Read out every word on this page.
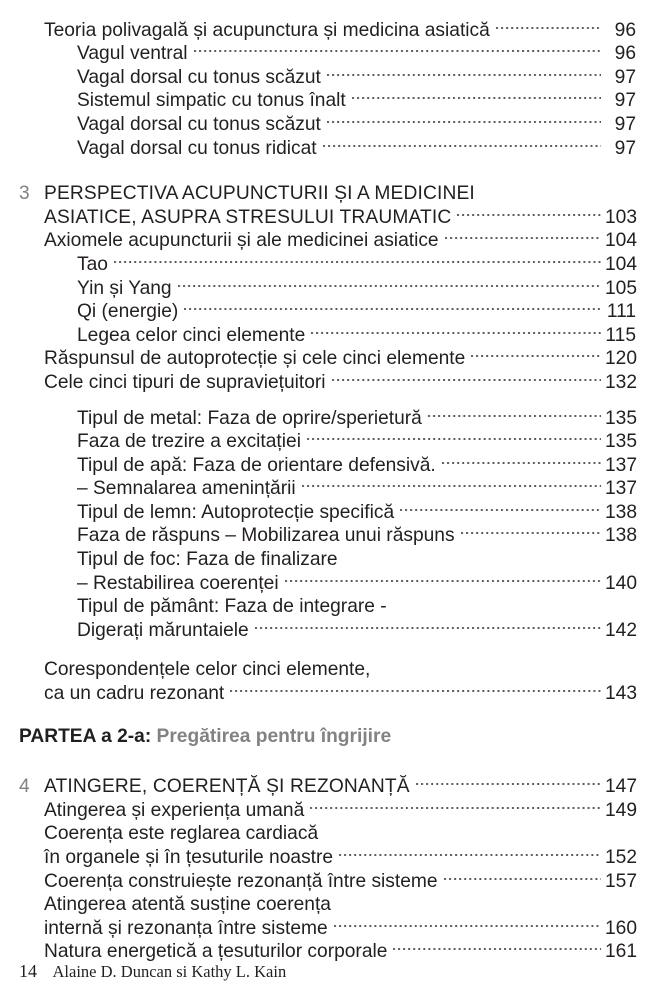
Teoria polivagală și acupunctura și medicina asiatică	96
Vagul ventral	96
Vagal dorsal cu tonus scăzut	97
Sistemul simpatic cu tonus înalt	97
Vagal dorsal cu tonus scăzut	97
Vagal dorsal cu tonus ridicat	97
3 PERSPECTIVA ACUPUNCTURII ȘI A MEDICINEI
ASIATICE, ASUPRA STRESULUI TRAUMATIC	103
Axiomele acupuncturii și ale medicinei asiatice	104
Tao	104
Yin și Yang	105
Qi (energie)	111
Legea celor cinci elemente	115
Răspunsul de autoprotecție și cele cinci elemente	120
Cele cinci tipuri de supraviețuitori	132
Tipul de metal: Faza de oprire/sperietură	135
Faza de trezire a excitației	135
Tipul de apă: Faza de orientare defensivă.	137
– Semnalarea amenințării	137
Tipul de lemn: Autoprotecție specifică	138
Faza de răspuns – Mobilizarea unui răspuns	138
Tipul de foc: Faza de finalizare
– Restabilirea coerenței	140
Tipul de pământ: Faza de integrare -
Digerați măruntaiele	142
Corespondențele celor cinci elemente,
ca un cadru rezonant	143
PARTEA a 2-a: Pregătirea pentru îngrijire
4 ATINGERE, COERENȚĂ ȘI REZONANȚĂ	147
Atingerea și experiența umană	149
Coerența este reglarea cardiacă
în organele și în țesuturile noastre	152
Coerența construiește rezonanță între sisteme	157
Atingerea atentă susține coerența
internă și rezonanța între sisteme	160
Natura energetică a țesuturilor corporale	161
14 Alaine D. Duncan si Kathy L. Kain
